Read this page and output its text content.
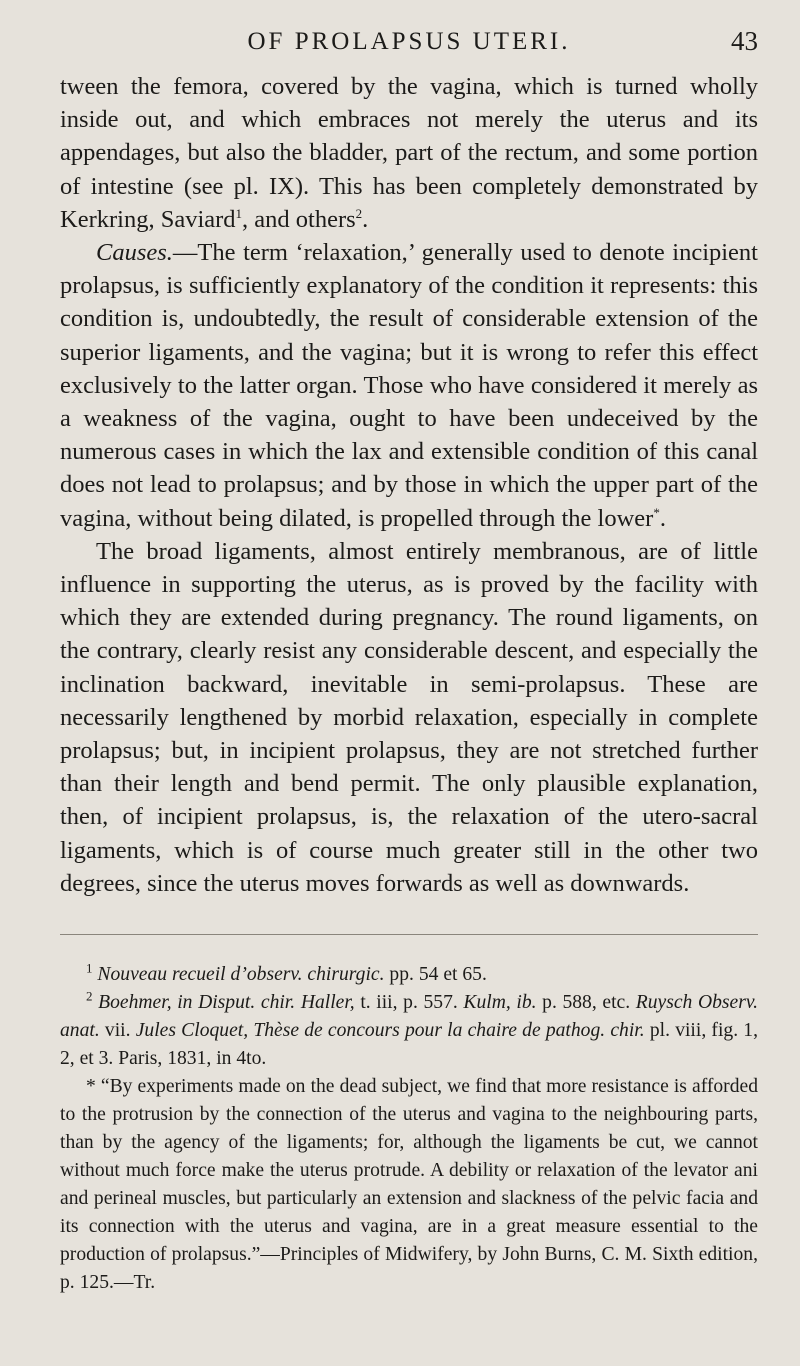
OF PROLAPSUS UTERI.	43

tween the femora, covered by the vagina, which is turned wholly inside out, and which embraces not merely the uterus and its appendages, but also the bladder, part of the rectum, and some portion of intestine (see pl. IX). This has been completely demonstrated by Kerkring, Saviard$^1$, and others$^2$.

Causes.—The term ‘relaxation,’ generally used to denote incipient prolapsus, is sufficiently explanatory of the condition it represents: this condition is, undoubtedly, the result of considerable extension of the superior ligaments, and the vagina; but it is wrong to refer this effect exclusively to the latter organ. Those who have considered it merely as a weakness of the vagina, ought to have been undeceived by the numerous cases in which the lax and extensible condition of this canal does not lead to prolapsus; and by those in which the upper part of the vagina, without being dilated, is propelled through the lower*.

The broad ligaments, almost entirely membranous, are of little influence in supporting the uterus, as is proved by the facility with which they are extended during pregnancy. The round ligaments, on the contrary, clearly resist any considerable descent, and especially the inclination backward, inevitable in semi-prolapsus. These are necessarily lengthened by morbid relaxation, especially in complete prolapsus; but, in incipient prolapsus, they are not stretched further than their length and bend permit. The only plausible explanation, then, of incipient prolapsus, is, the relaxation of the utero-sacral ligaments, which is of course much greater still in the other two degrees, since the uterus moves forwards as well as downwards.

$^1$ Nouveau recueil d’observ. chirurgic. pp. 54 et 65.

$^2$ Boehmer, in Disput. chir. Haller, t. iii, p. 557. Kulm, ib. p. 588, etc. Ruysch Observ. anat. vii. Jules Cloquet, Thèse de concours pour la chaire de pathog. chir. pl. viii, fig. 1, 2, et 3. Paris, 1831, in 4to.

* “By experiments made on the dead subject, we find that more resistance is afforded to the protrusion by the connection of the uterus and vagina to the neighbouring parts, than by the agency of the ligaments; for, although the ligaments be cut, we cannot without much force make the uterus protrude. A debility or relaxation of the levator ani and perineal muscles, but particularly an extension and slackness of the pelvic facia and its connection with the uterus and vagina, are in a great measure essential to the production of prolapsus.”—Principles of Midwifery, by John Burns, C. M. Sixth edition, p. 125.—Tr.
